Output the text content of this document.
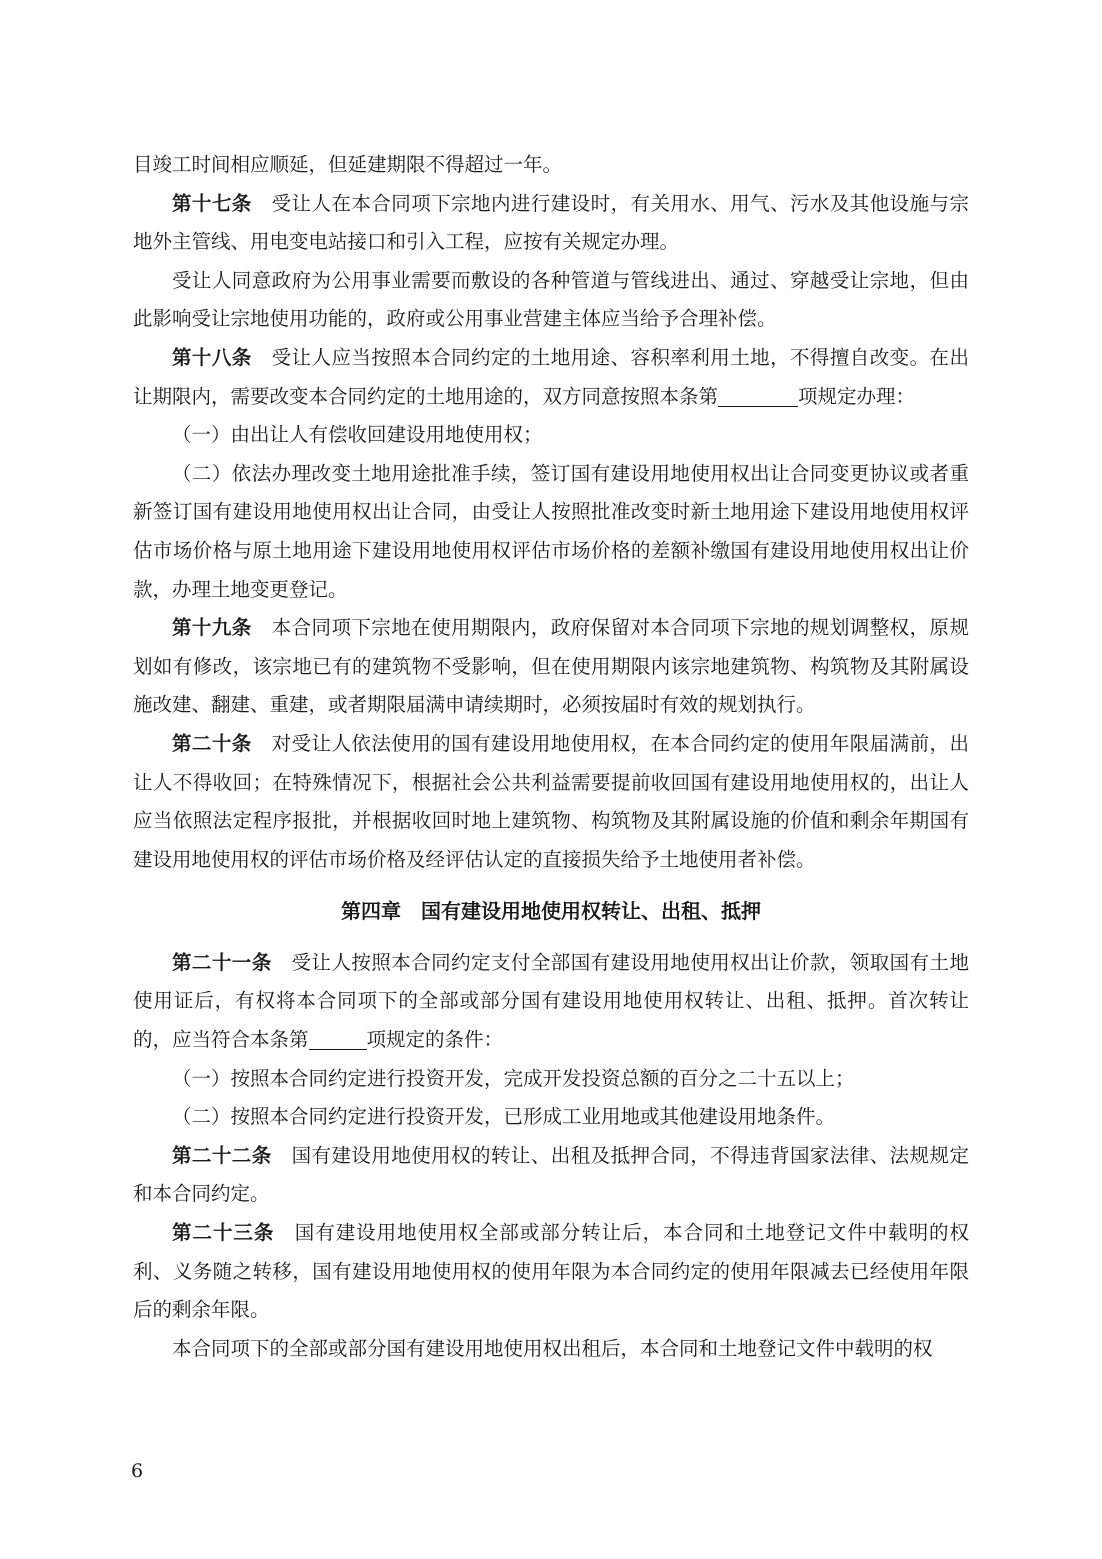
目竣工时间相应顺延，但延建期限不得超过一年。

第十七条　受让人在本合同项下宗地内进行建设时，有关用水、用气、污水及其他设施与宗地外主管线、用电变电站接口和引入工程，应按有关规定办理。

受让人同意政府为公用事业需要而敷设的各种管道与管线进出、通过、穿越受让宗地，但由此影响受让宗地使用功能的，政府或公用事业营建主体应当给予合理补偿。

第十八条　受让人应当按照本合同约定的土地用途、容积率利用土地，不得擅自改变。在出让期限内，需要改变本合同约定的土地用途的，双方同意按照本条第	项规定办理：

（一）由出让人有偿收回建设用地使用权；

（二）依法办理改变土地用途批准手续，签订国有建设用地使用权出让合同变更协议或者重新签订国有建设用地使用权出让合同，由受让人按照批准改变时新土地用途下建设用地使用权评估市场价格与原土地用途下建设用地使用权评估市场价格的差额补缴国有建设用地使用权出让价款，办理土地变更登记。

第十九条　本合同项下宗地在使用期限内，政府保留对本合同项下宗地的规划调整权，原规划如有修改，该宗地已有的建筑物不受影响，但在使用期限内该宗地建筑物、构筑物及其附属设施改建、翻建、重建，或者期限届满申请续期时，必须按届时有效的规划执行。

第二十条　对受让人依法使用的国有建设用地使用权，在本合同约定的使用年限届满前，出让人不得收回；在特殊情况下，根据社会公共利益需要提前收回国有建设用地使用权的，出让人应当依照法定程序报批，并根据收回时地上建筑物、构筑物及其附属设施的价值和剩余年期国有建设用地使用权的评估市场价格及经评估认定的直接损失给予土地使用者补偿。

第四章　国有建设用地使用权转让、出租、抵押

第二十一条　受让人按照本合同约定支付全部国有建设用地使用权出让价款，领取国有土地使用证后，有权将本合同项下的全部或部分国有建设用地使用权转让、出租、抵押。首次转让的，应当符合本条第	项规定的条件：

（一）按照本合同约定进行投资开发，完成开发投资总额的百分之二十五以上；

（二）按照本合同约定进行投资开发，已形成工业用地或其他建设用地条件。

第二十二条　国有建设用地使用权的转让、出租及抵押合同，不得违背国家法律、法规规定和本合同约定。

第二十三条　国有建设用地使用权全部或部分转让后，本合同和土地登记文件中载明的权利、义务随之转移，国有建设用地使用权的使用年限为本合同约定的使用年限减去已经使用年限后的剩余年限。

本合同项下的全部或部分国有建设用地使用权出租后，本合同和土地登记文件中载明的权

6
